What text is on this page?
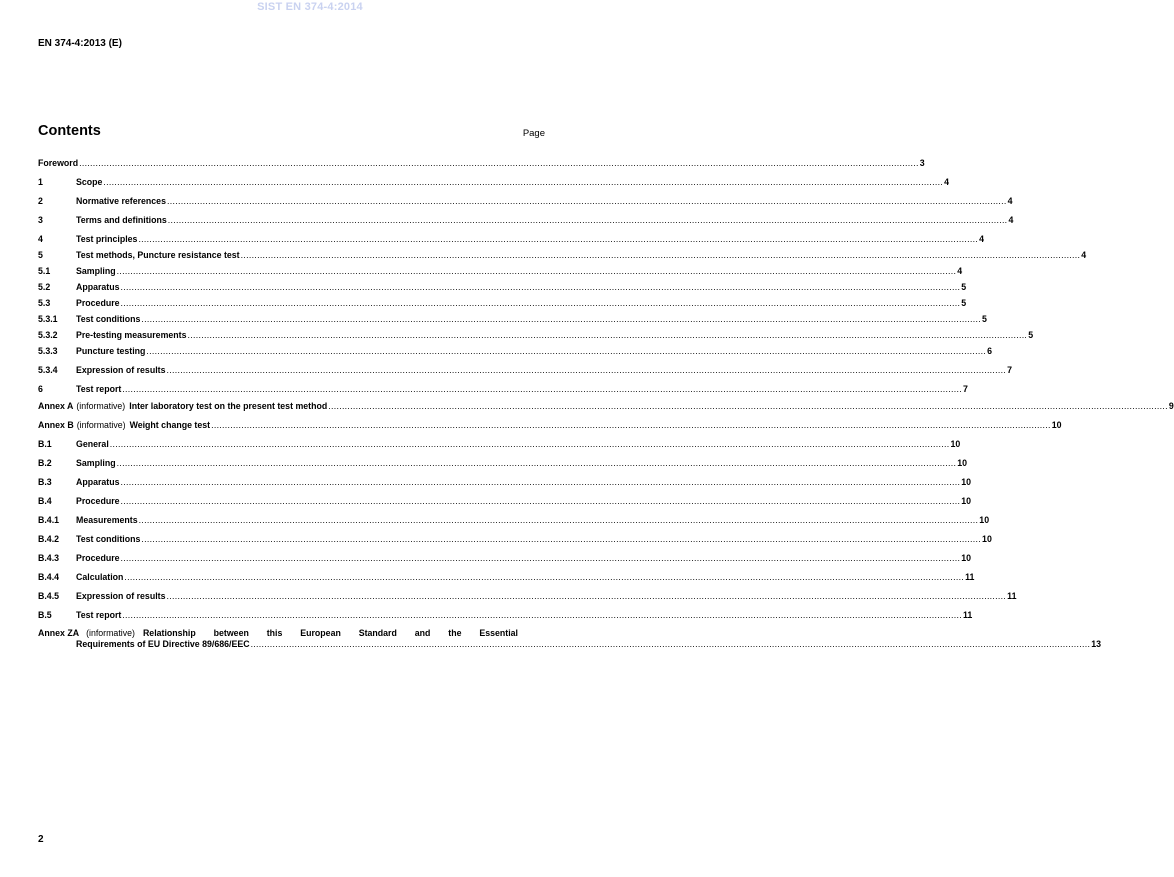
SIST EN 374-4:2014
EN 374-4:2013 (E)
Contents	Page
Foreword .....	3
1	Scope .....	4
2	Normative references .....	4
3	Terms and definitions .....	4
4	Test principles .....	4
5	Test methods, Puncture resistance test .....	4
5.1	Sampling .....	4
5.2	Apparatus .....	5
5.3	Procedure .....	5
5.3.1	Test conditions .....	5
5.3.2	Pre-testing measurements .....	5
5.3.3	Puncture testing .....	6
5.3.4	Expression of results .....	7
6	Test report .....	7
Annex A (informative) Inter laboratory test on the present test method .....	9
Annex B (informative) Weight change test .....	10
B.1	General .....	10
B.2	Sampling .....	10
B.3	Apparatus .....	10
B.4	Procedure .....	10
B.4.1	Measurements .....	10
B.4.2	Test conditions .....	10
B.4.3	Procedure .....	10
B.4.4	Calculation .....	11
B.4.5	Expression of results .....	11
B.5	Test report .....	11
Annex ZA (informative) Relationship between this European Standard and the Essential
Requirements of EU Directive 89/686/EEC .....	13
2
